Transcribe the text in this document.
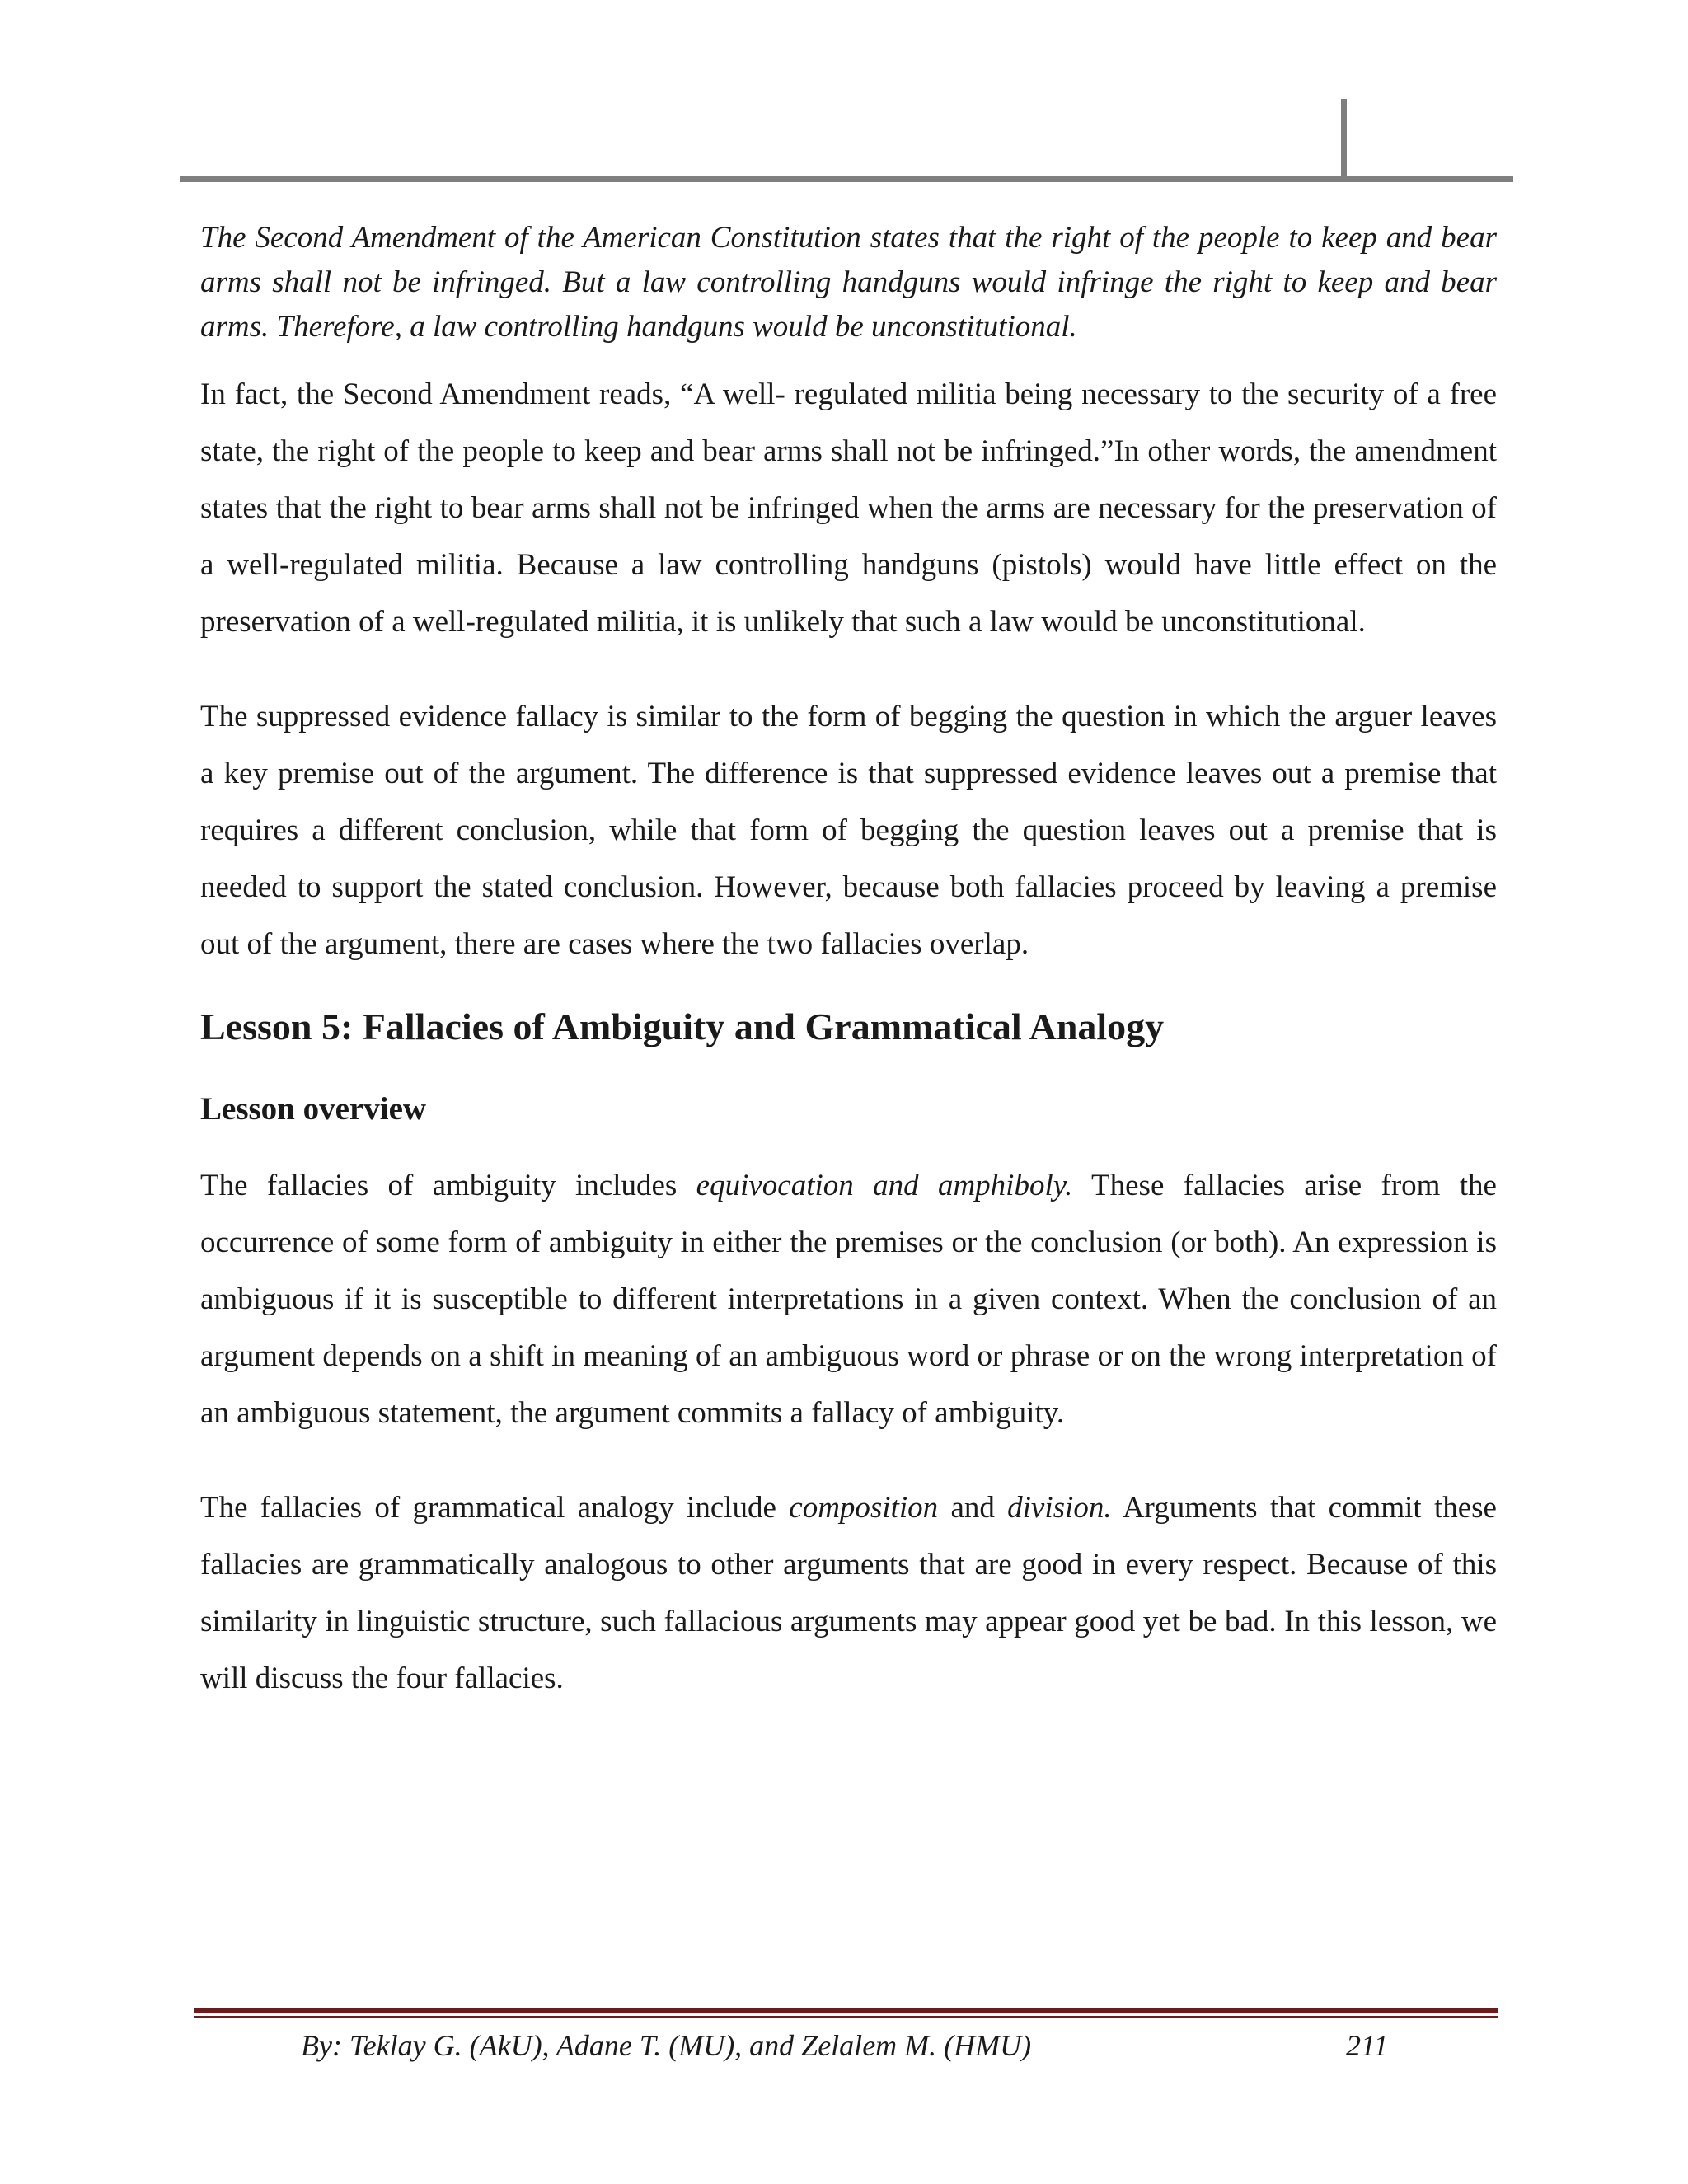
The Second Amendment of the American Constitution states that the right of the people to keep and bear arms shall not be infringed. But a law controlling handguns would infringe the right to keep and bear arms. Therefore, a law controlling handguns would be unconstitutional.

In fact, the Second Amendment reads, “A well- regulated militia being necessary to the security of a free state, the right of the people to keep and bear arms shall not be infringed.”In other words, the amendment states that the right to bear arms shall not be infringed when the arms are necessary for the preservation of a well-regulated militia. Because a law controlling handguns (pistols) would have little effect on the preservation of a well-regulated militia, it is unlikely that such a law would be unconstitutional.

The suppressed evidence fallacy is similar to the form of begging the question in which the arguer leaves a key premise out of the argument. The difference is that suppressed evidence leaves out a premise that requires a different conclusion, while that form of begging the question leaves out a premise that is needed to support the stated conclusion. However, because both fallacies proceed by leaving a premise out of the argument, there are cases where the two fallacies overlap.

Lesson 5: Fallacies of Ambiguity and Grammatical Analogy
Lesson overview

The fallacies of ambiguity includes equivocation and amphiboly. These fallacies arise from the occurrence of some form of ambiguity in either the premises or the conclusion (or both). An expression is ambiguous if it is susceptible to different interpretations in a given context. When the conclusion of an argument depends on a shift in meaning of an ambiguous word or phrase or on the wrong interpretation of an ambiguous statement, the argument commits a fallacy of ambiguity.

The fallacies of grammatical analogy include composition and division. Arguments that commit these fallacies are grammatically analogous to other arguments that are good in every respect. Because of this similarity in linguistic structure, such fallacious arguments may appear good yet be bad. In this lesson, we will discuss the four fallacies.

By: Teklay G. (AkU), Adane T. (MU), and Zelalem M. (HMU)	211
